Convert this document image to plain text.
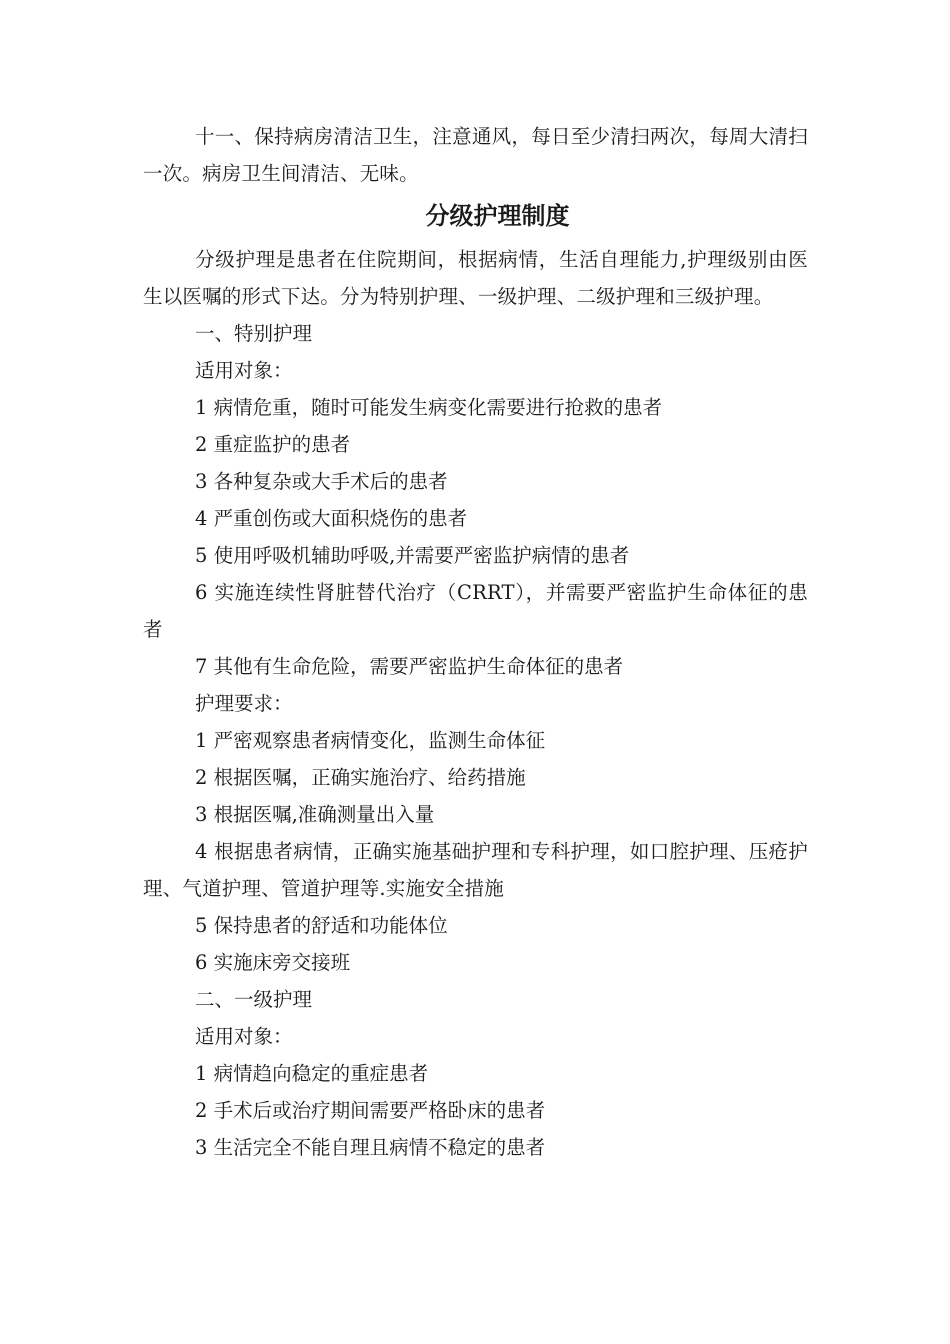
十一、保持病房清洁卫生，注意通风，每日至少清扫两次，每周大清扫一次。病房卫生间清洁、无味。

分级护理制度

分级护理是患者在住院期间，根据病情，生活自理能力,护理级别由医生以医嘱的形式下达。分为特别护理、一级护理、二级护理和三级护理。

一、特别护理

适用对象：

1 病情危重，随时可能发生病变化需要进行抢救的患者

2 重症监护的患者

3 各种复杂或大手术后的患者

4 严重创伤或大面积烧伤的患者

5 使用呼吸机辅助呼吸,并需要严密监护病情的患者

6 实施连续性肾脏替代治疗（CRRT），并需要严密监护生命体征的患者

7 其他有生命危险，需要严密监护生命体征的患者

护理要求：

1 严密观察患者病情变化，监测生命体征

2 根据医嘱，正确实施治疗、给药措施

3 根据医嘱,准确测量出入量

4 根据患者病情，正确实施基础护理和专科护理，如口腔护理、压疮护理、气道护理、管道护理等.实施安全措施

5 保持患者的舒适和功能体位

6 实施床旁交接班

二、一级护理

适用对象：

1 病情趋向稳定的重症患者

2 手术后或治疗期间需要严格卧床的患者

3 生活完全不能自理且病情不稳定的患者
